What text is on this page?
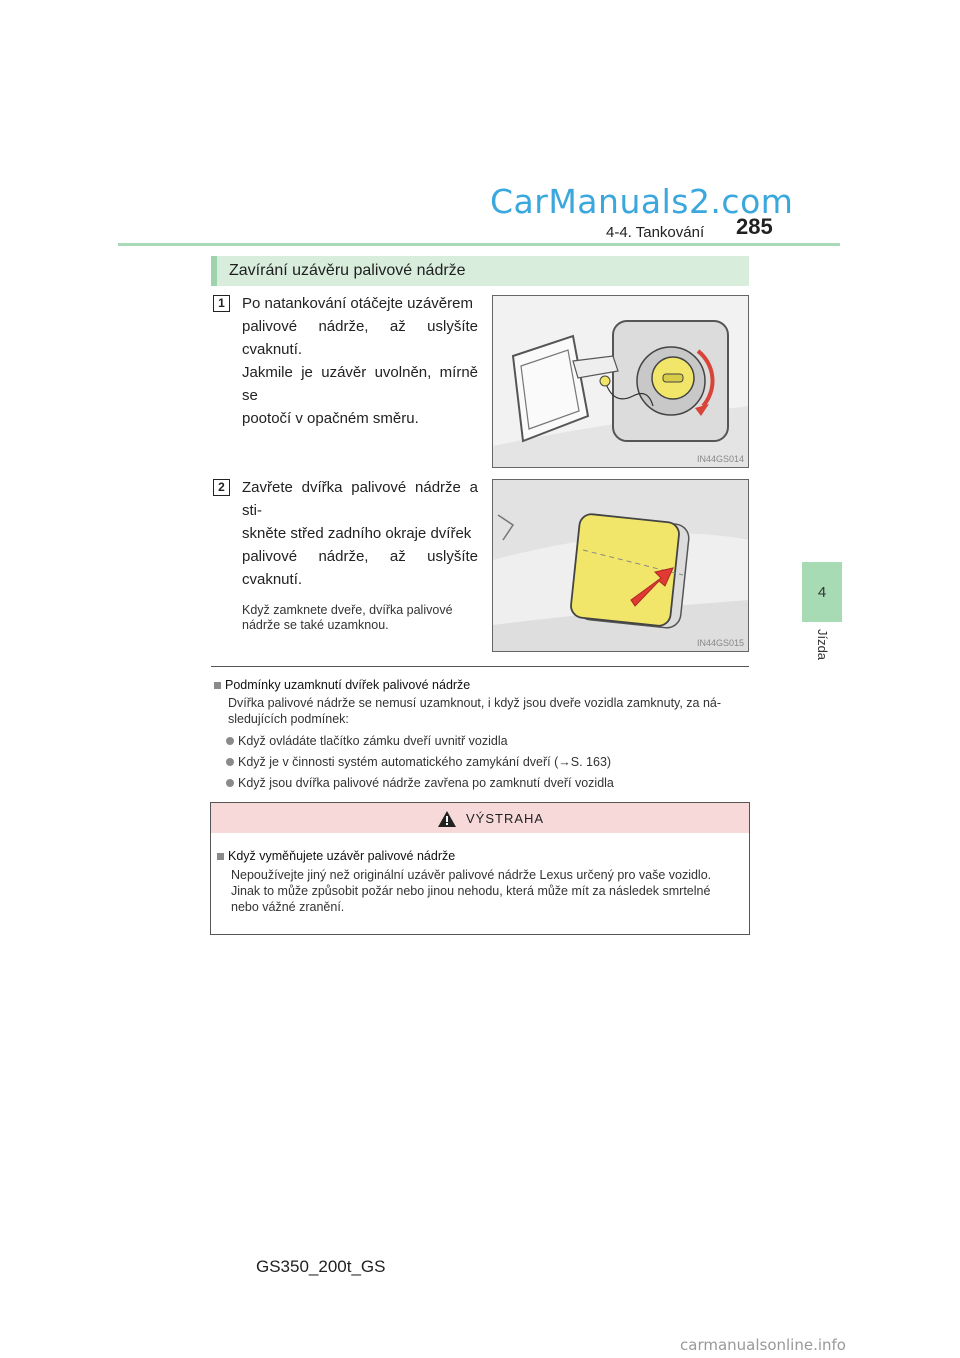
CarManuals2.com
4-4. Tankování 285
4
Jízda
Zavírání uzávěru palivové nádrže
1	Po natankování otáčejte uzávěrem
palivové nádrže, až uslyšíte cvaknutí.
Jakmile je uzávěr uvolněn, mírně se
pootočí v opačném směru.
IN44GS014
2	Zavřete dvířka palivové nádrže a sti-
skněte střed zadního okraje dvířek
palivové nádrže, až uslyšíte cvaknutí.
Když zamknete dveře, dvířka palivové
nádrže se také uzamknou.
IN44GS015
Podmínky uzamknutí dvířek palivové nádrže
Dvířka palivové nádrže se nemusí uzamknout, i když jsou dveře vozidla zamknuty, za ná-
sledujících podmínek:
Když ovládáte tlačítko zámku dveří uvnitř vozidla
Když je v činnosti systém automatického zamykání dveří (→S. 163)
Když jsou dvířka palivové nádrže zavřena po zamknutí dveří vozidla
VÝSTRAHA
Když vyměňujete uzávěr palivové nádrže
Nepoužívejte jiný než originální uzávěr palivové nádrže Lexus určený pro vaše vozidlo.
Jinak to může způsobit požár nebo jinou nehodu, která může mít za následek smrtelné
nebo vážné zranění.
GS350_200t_GS
carmanualsonline.info
